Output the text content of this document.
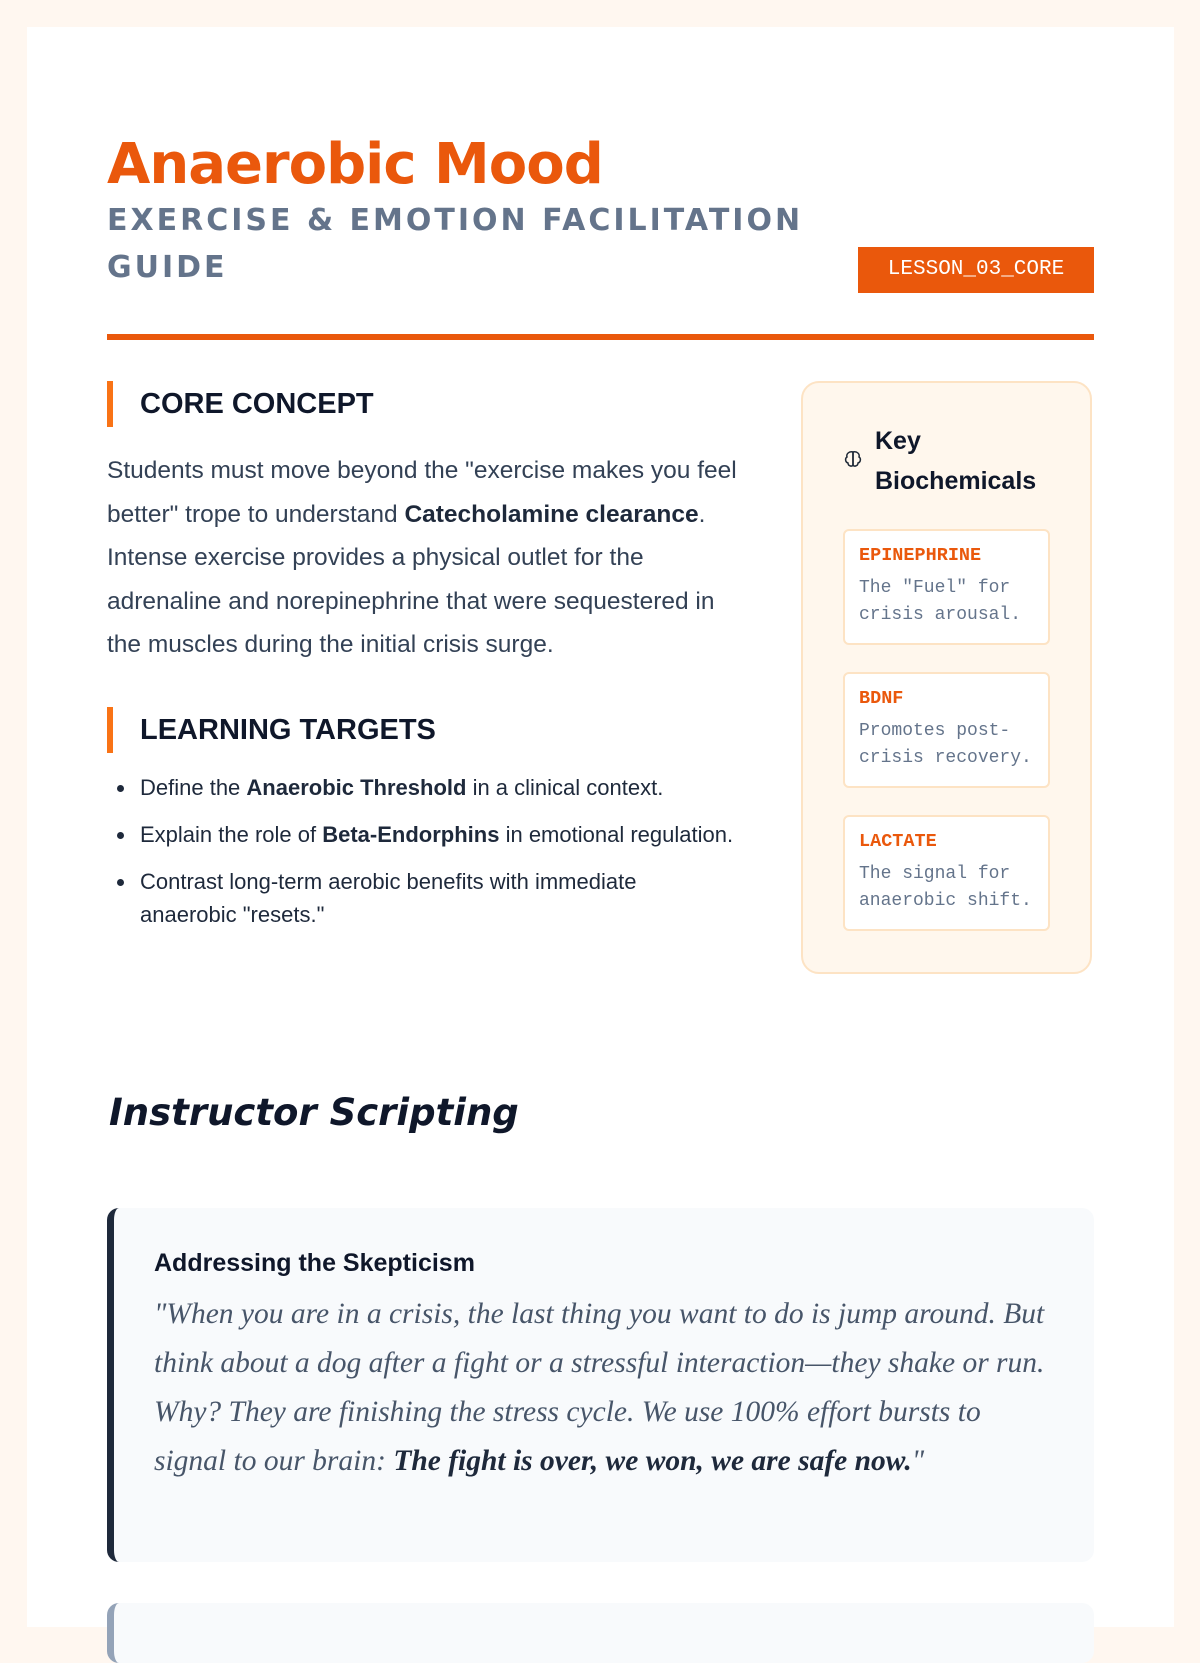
Anaerobic Mood
EXERCISE & EMOTION FACILITATION GUIDE	LESSON_03_CORE
CORE CONCEPT

Students must move beyond the "exercise makes you feel better" trope to understand Catecholamine clearance. Intense exercise provides a physical outlet for the adrenaline and norepinephrine that were sequestered in the muscles during the initial crisis surge.

LEARNING TARGETS
Define the Anaerobic Threshold in a clinical context.
Explain the role of Beta-Endorphins in emotional regulation.
Contrast long-term aerobic benefits with immediate anaerobic "resets."
Key Biochemicals
EPINEPHRINE
The "Fuel" for crisis arousal.
BDNF
Promotes post-crisis recovery.
LACTATE
The signal for anaerobic shift.
Instructor Scripting
Addressing the Skepticism
"When you are in a crisis, the last thing you want to do is jump around. But think about a dog after a fight or a stressful interaction—they shake or run. Why? They are finishing the stress cycle. We use 100% effort bursts to signal to our brain: The fight is over, we won, we are safe now."
